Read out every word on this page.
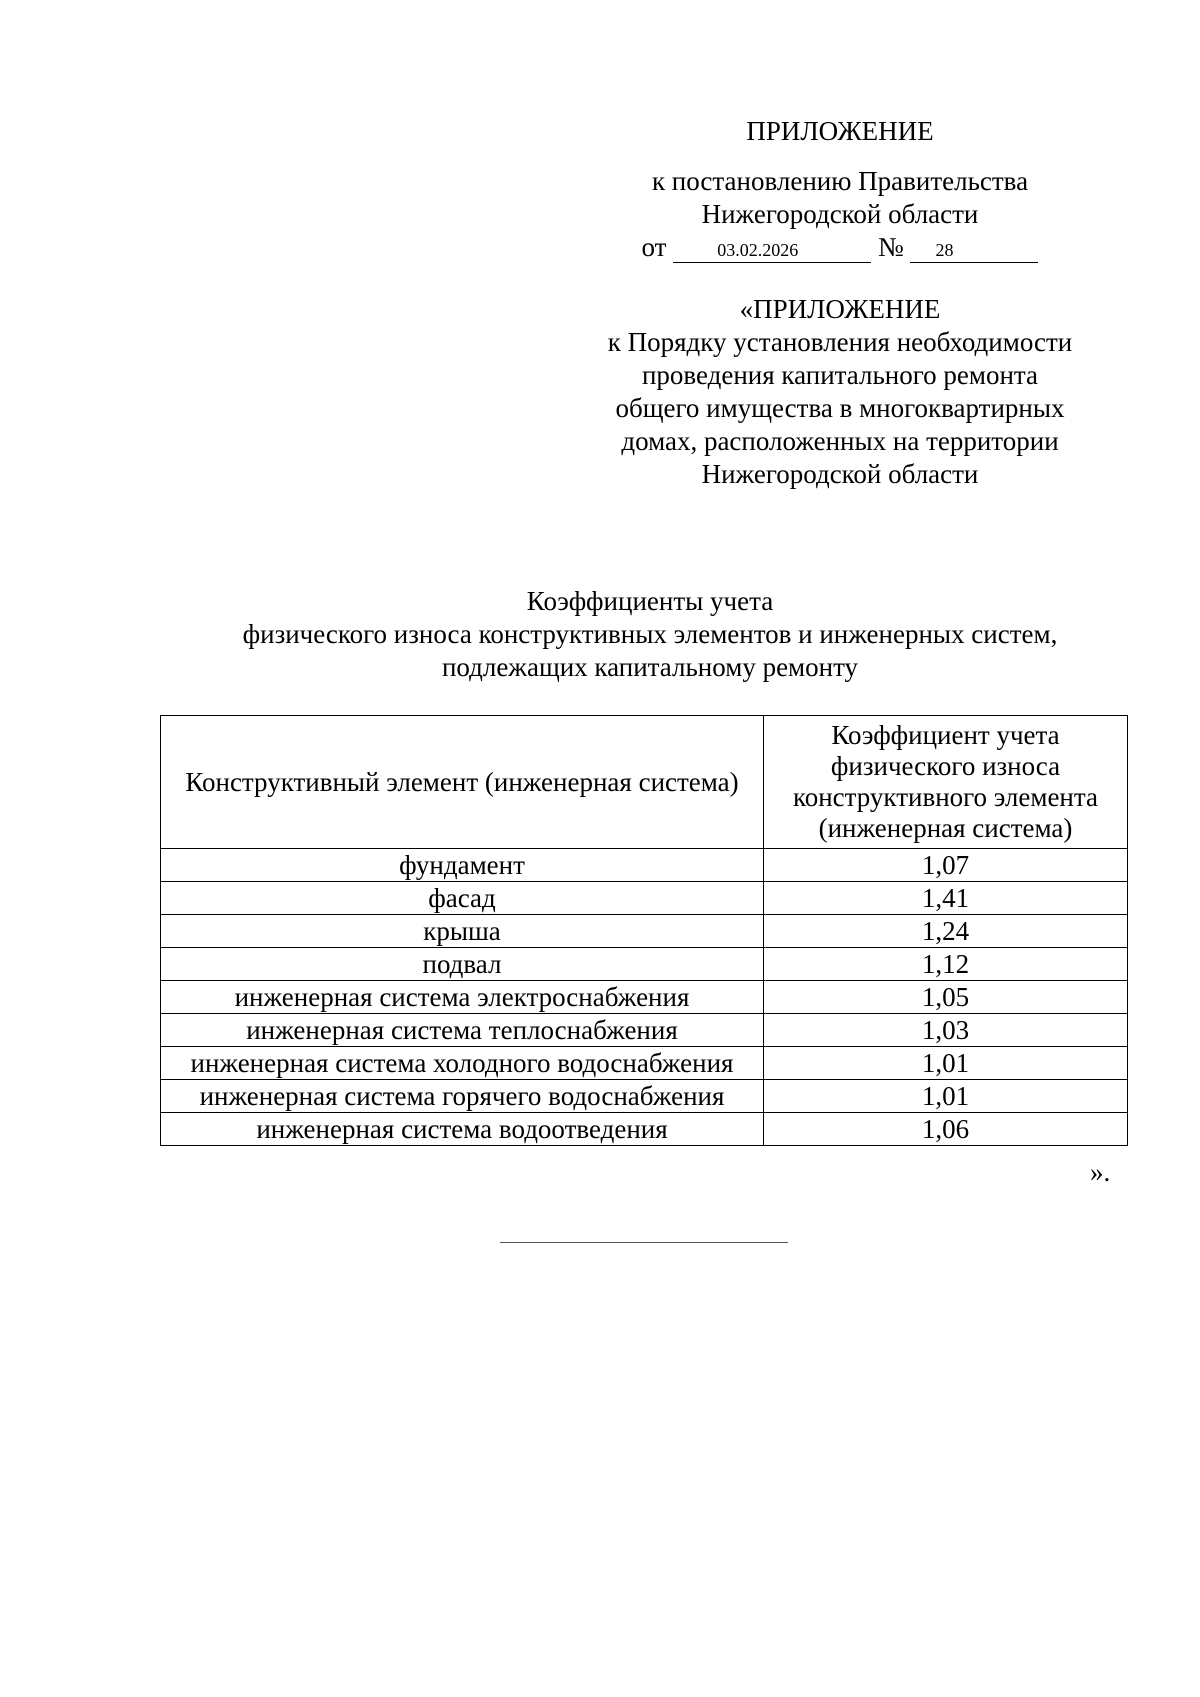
ПРИЛОЖЕНИЕ
к постановлению Правительства
Нижегородской области
от	03.02.2026	№ 28
«ПРИЛОЖЕНИЕ
к Порядку установления необходимости
проведения капитального ремонта
общего имущества в многоквартирных
домах, расположенных на территории
Нижегородской области
Коэффициенты учета
физического износа конструктивных элементов и инженерных систем,
подлежащих капитальному ремонту
Конструктивный элемент (инженерная система)	Коэффициент учета физического износа конструктивного элемента (инженерная система)
фундамент	1,07
фасад	1,41
крыша	1,24
подвал	1,12
инженерная система электроснабжения	1,05
инженерная система теплоснабжения	1,03
инженерная система холодного водоснабжения	1,01
инженерная система горячего водоснабжения	1,01
инженерная система водоотведения	1,06
».
